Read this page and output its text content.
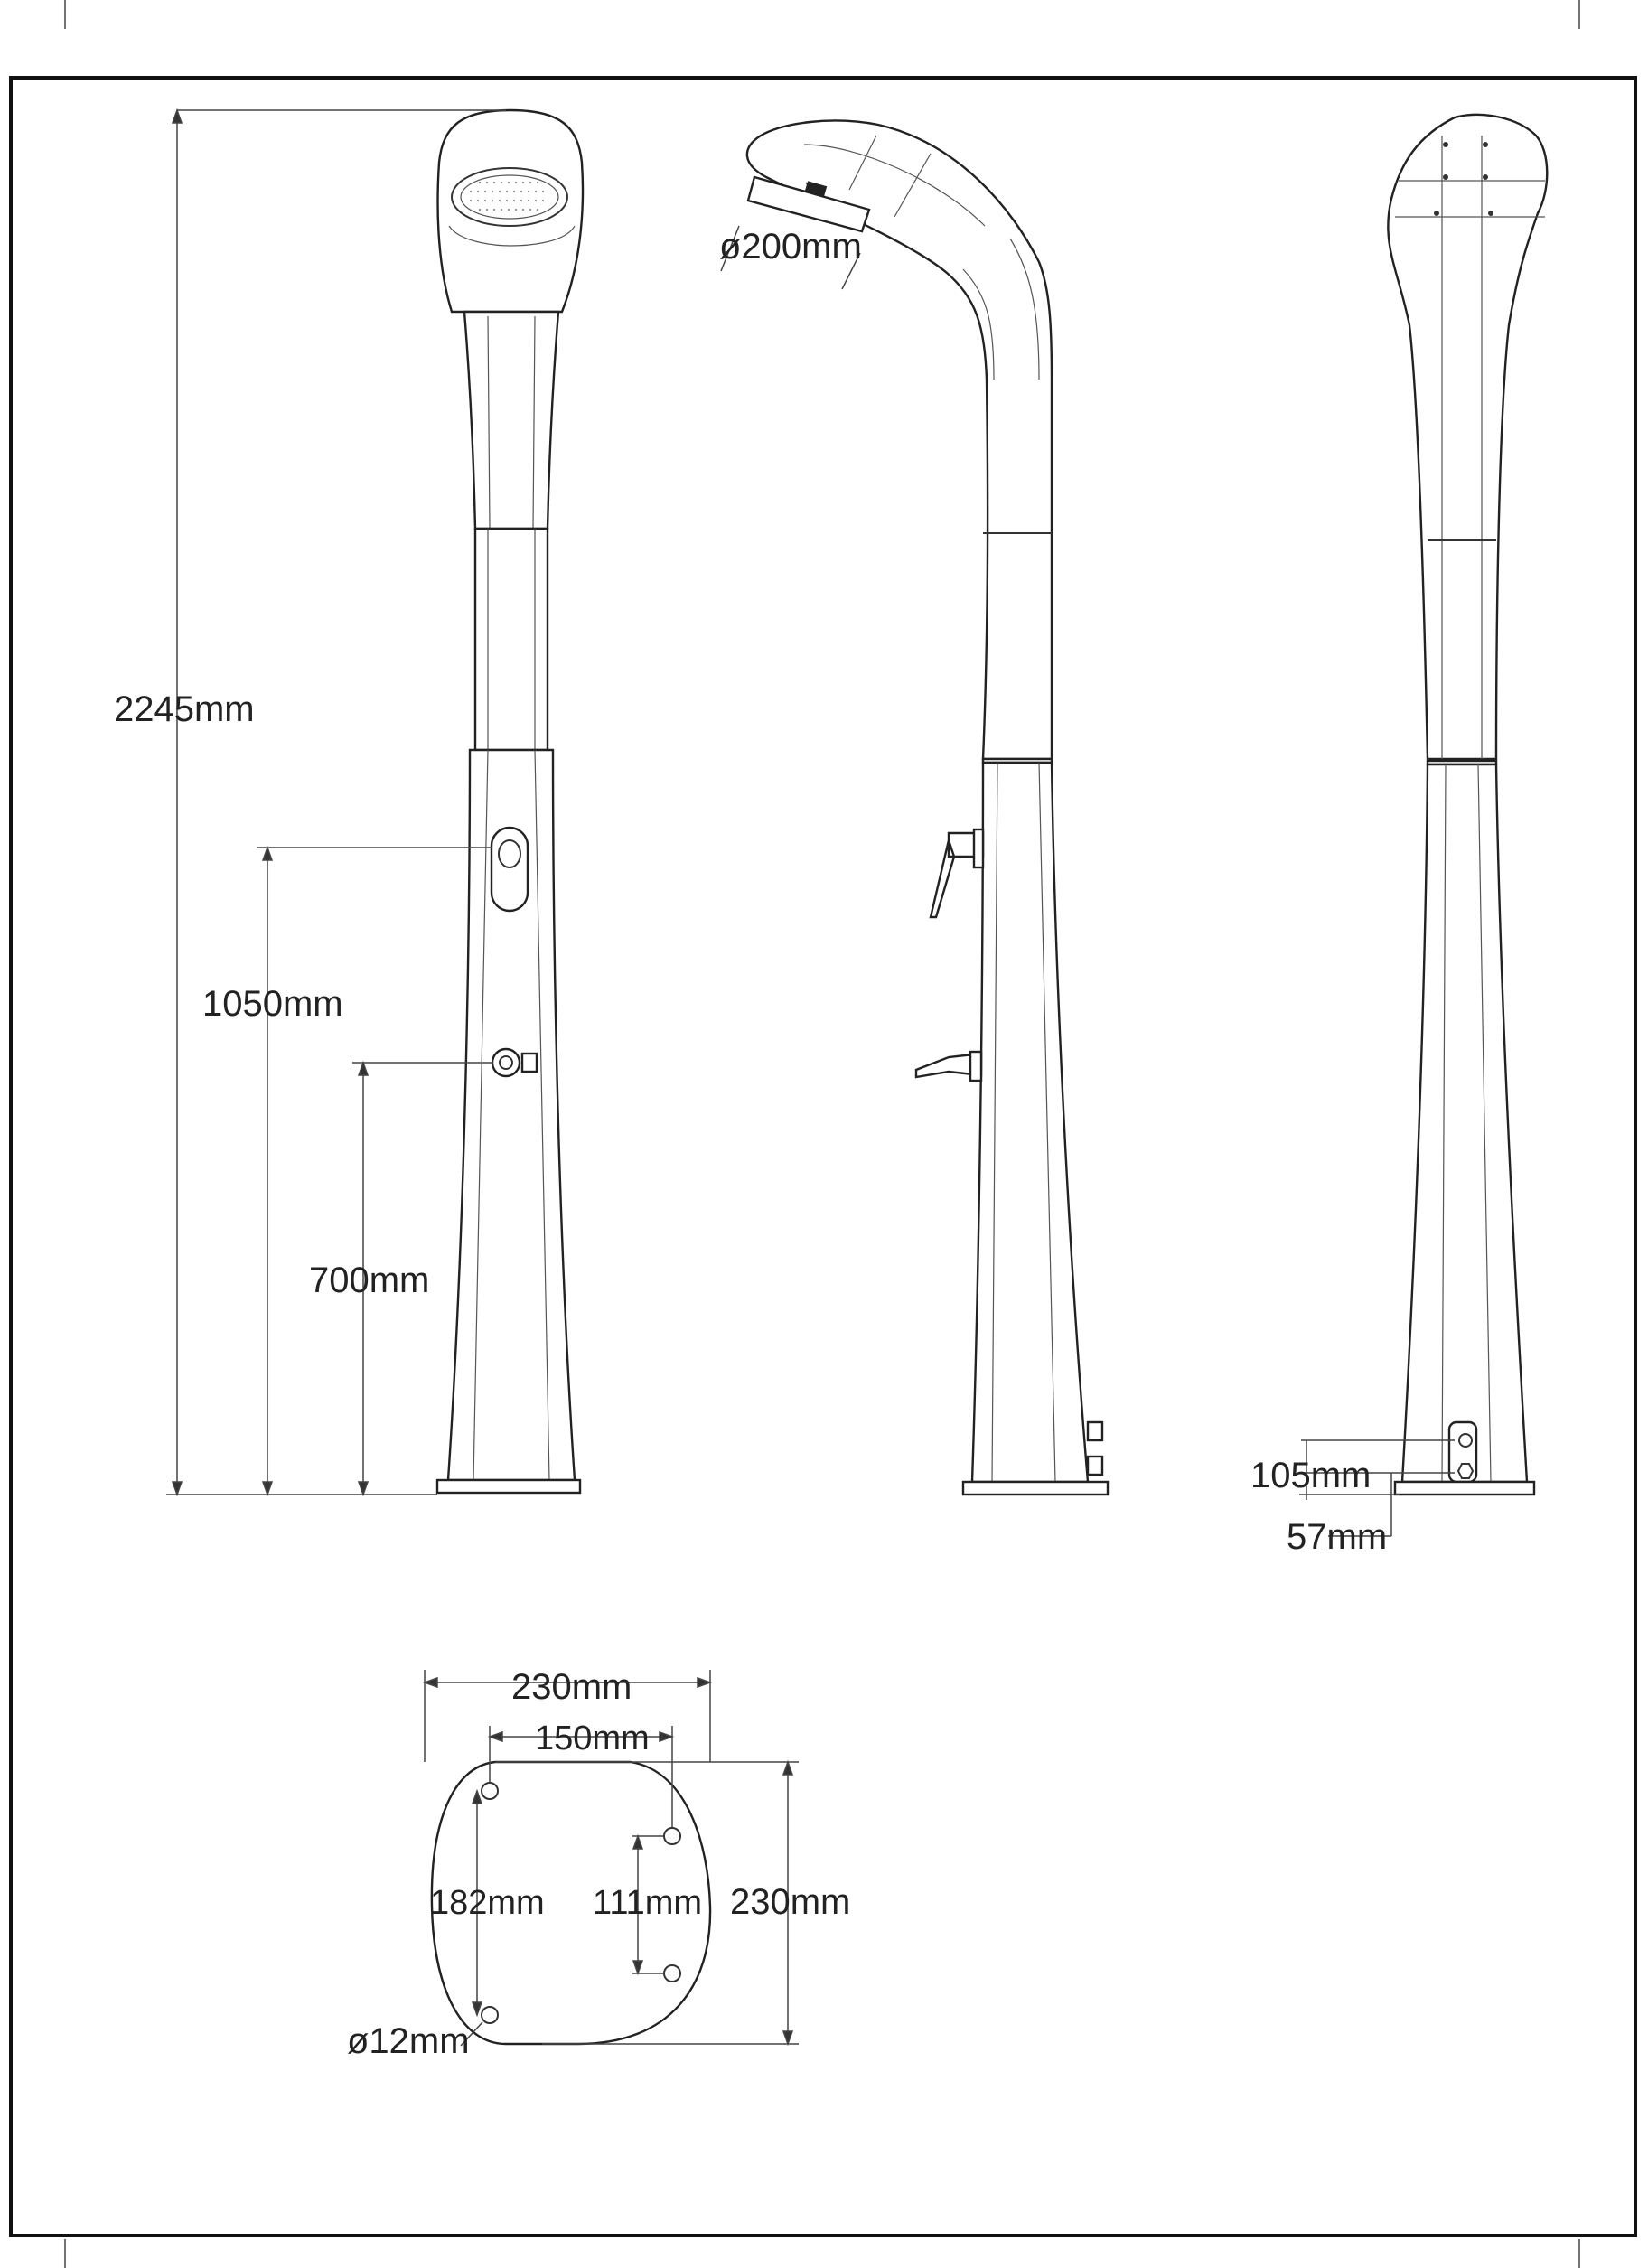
2245mm
1050mm
700mm
ø200mm
105mm
57mm
230mm
150mm
230mm
182mm 111mm
ø12mm
